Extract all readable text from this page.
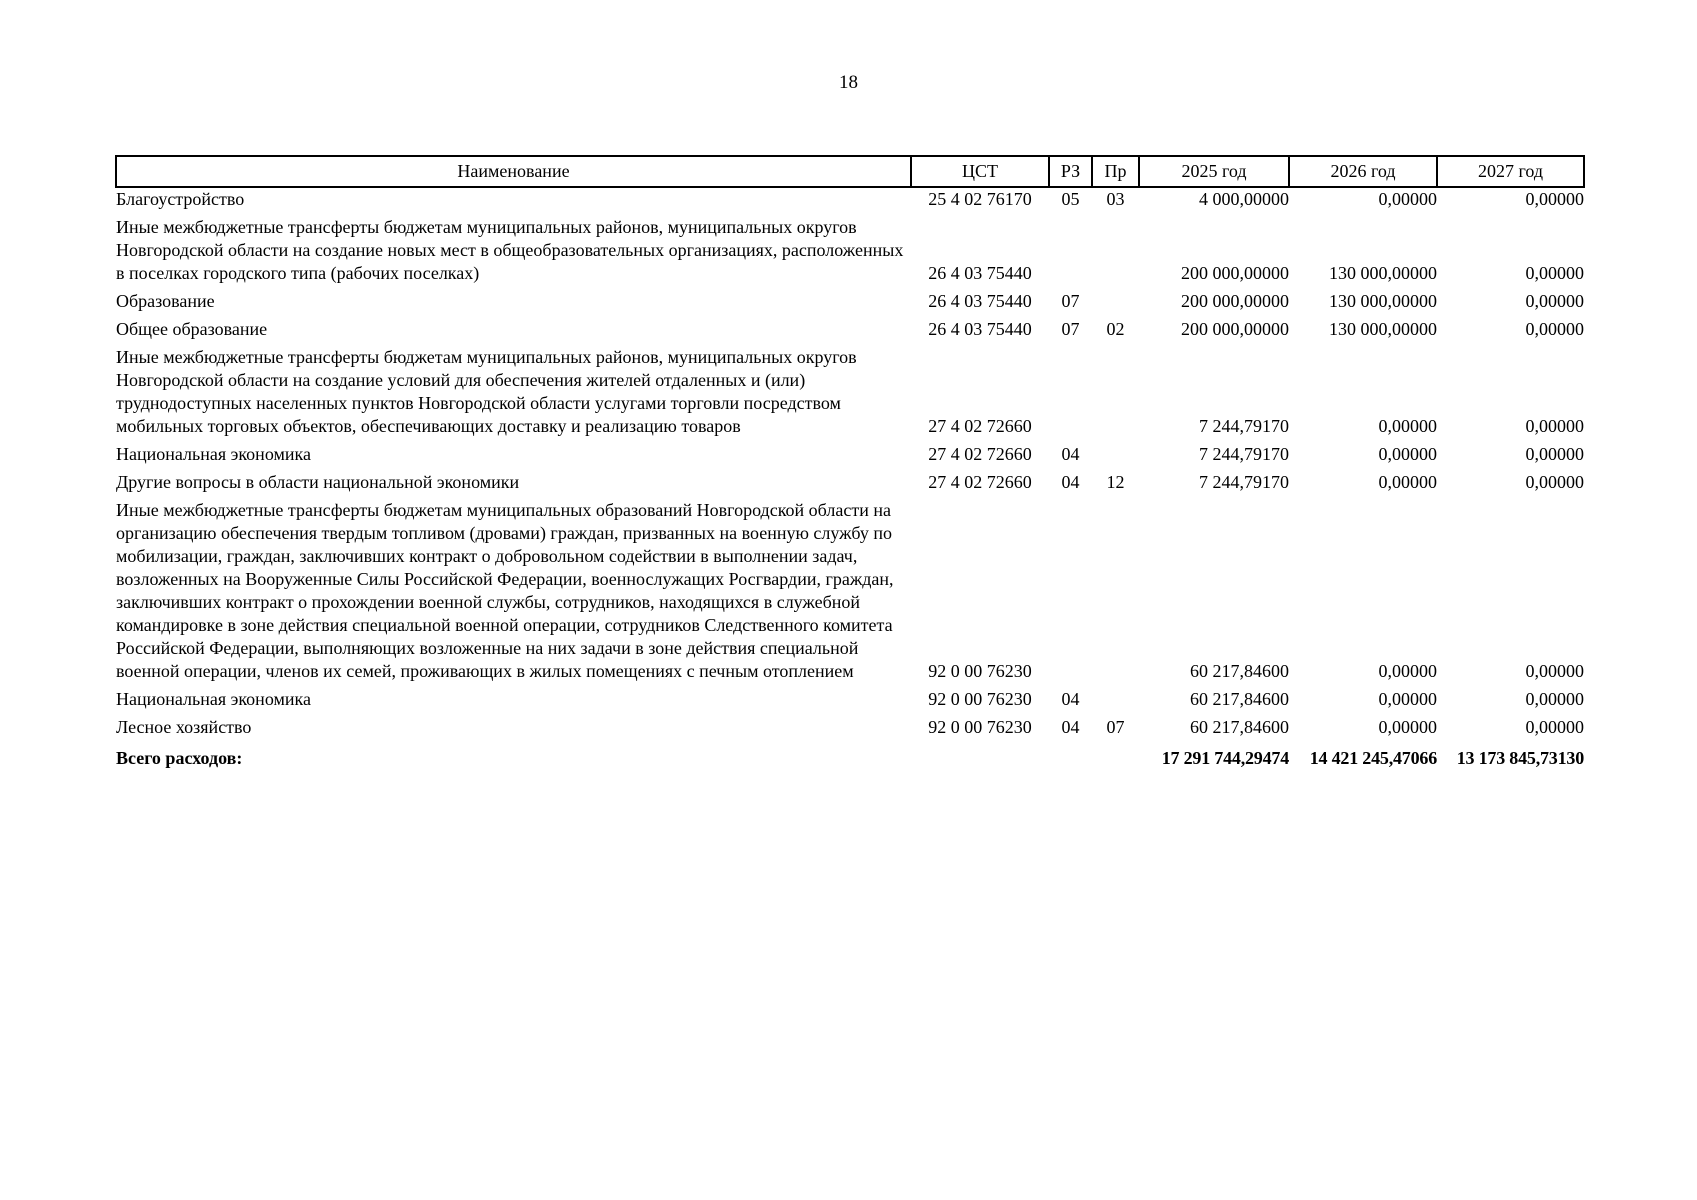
18
Наименование	ЦСТ	РЗ	Пр	2025 год	2026 год	2027 год
Благоустройство	25 4 02 76170	05	03	4 000,00000	0,00000	0,00000
Иные межбюджетные трансферты бюджетам муниципальных районов, муниципальных округов Новгородской области на создание новых мест в общеобразовательных организациях, расположенных в поселках городского типа (рабочих поселках)	26 4 03 75440			200 000,00000	130 000,00000	0,00000
Образование	26 4 03 75440	07		200 000,00000	130 000,00000	0,00000
Общее образование	26 4 03 75440	07	02	200 000,00000	130 000,00000	0,00000
Иные межбюджетные трансферты бюджетам муниципальных районов, муниципальных округов Новгородской области на создание условий для обеспечения жителей отдаленных и (или) труднодоступных населенных пунктов Новгородской области услугами торговли посредством мобильных торговых объектов, обеспечивающих доставку и реализацию товаров	27 4 02 72660			7 244,79170	0,00000	0,00000
Национальная экономика	27 4 02 72660	04		7 244,79170	0,00000	0,00000
Другие вопросы в области национальной экономики	27 4 02 72660	04	12	7 244,79170	0,00000	0,00000
Иные межбюджетные трансферты бюджетам муниципальных образований Новгородской области на организацию обеспечения твердым топливом (дровами) граждан, призванных на военную службу по мобилизации, граждан, заключивших контракт о добровольном содействии в выполнении задач, возложенных на Вооруженные Силы Российской Федерации, военнослужащих Росгвардии, граждан, заключивших контракт о прохождении военной службы, сотрудников, находящихся в служебной командировке в зоне действия специальной военной операции, сотрудников Следственного комитета Российской Федерации, выполняющих возложенные на них задачи в зоне действия специальной военной операции, членов их семей, проживающих в жилых помещениях с печным отоплением	92 0 00 76230			60 217,84600	0,00000	0,00000
Национальная экономика	92 0 00 76230	04		60 217,84600	0,00000	0,00000
Лесное хозяйство	92 0 00 76230	04	07	60 217,84600	0,00000	0,00000
Всего расходов:				17 291 744,29474	14 421 245,47066	13 173 845,73130
